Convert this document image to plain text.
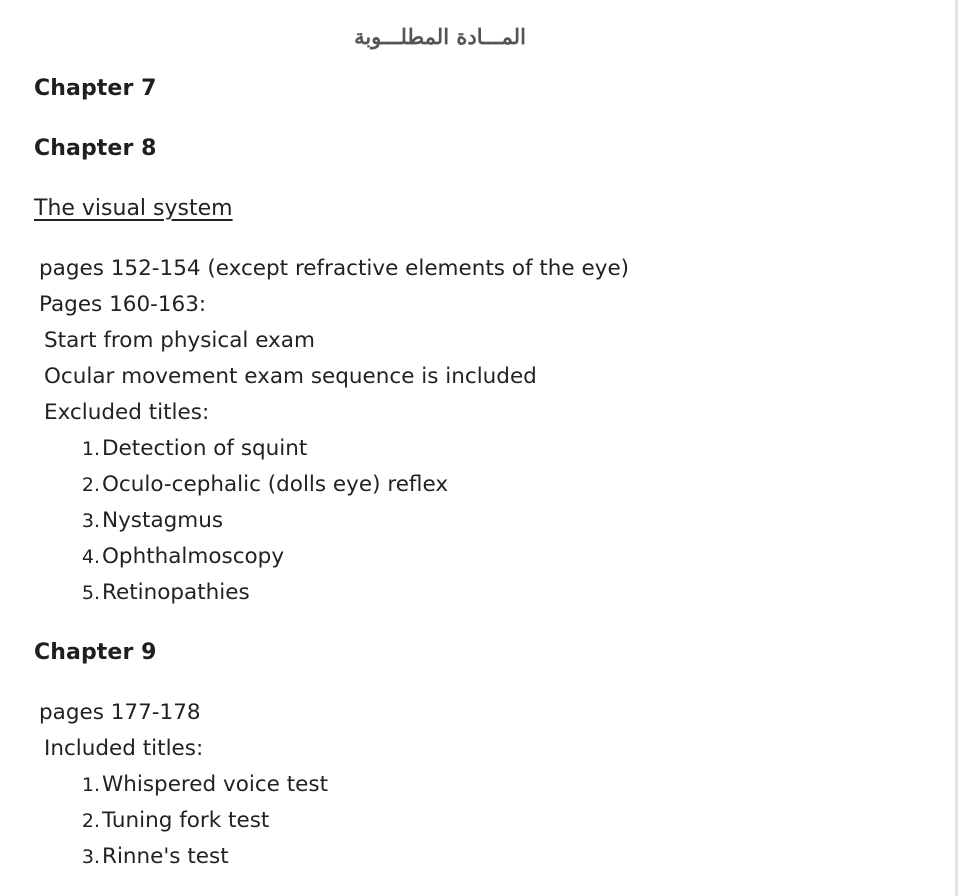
المـــادة المطلـــوبة
Chapter 7
Chapter 8
The visual system
pages 152-154 (except refractive elements of the eye)
Pages 160-163:
Start from physical exam
Ocular movement exam sequence is included
Excluded titles:
1.Detection of squint
2.Oculo-cephalic (dolls eye) reflex
3.Nystagmus
4.Ophthalmoscopy
5.Retinopathies
Chapter 9
pages 177-178
Included titles:
1.Whispered voice test
2.Tuning fork test
3.Rinne's test
